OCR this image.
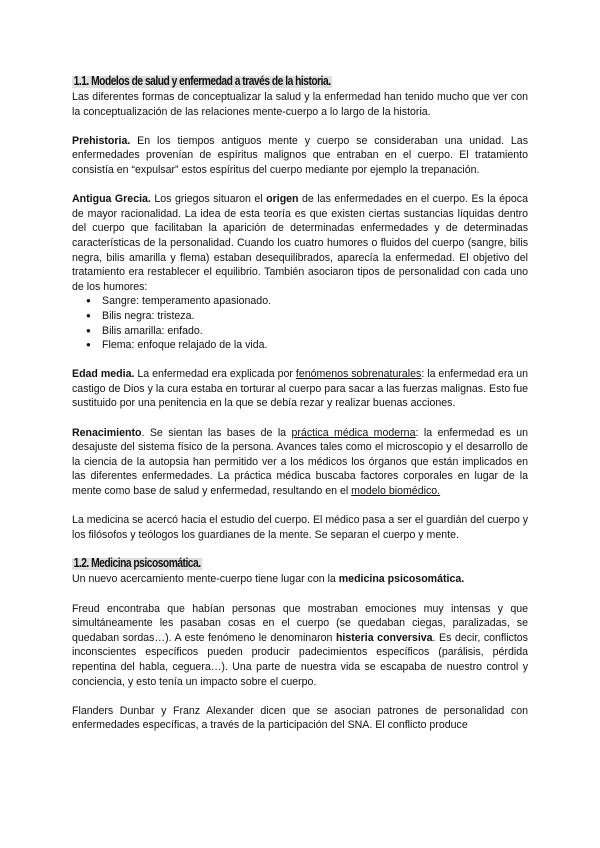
1.1. Modelos de salud y enfermedad a través de la historia.

Las diferentes formas de conceptualizar la salud y la enfermedad han tenido mucho que ver con la conceptualización de las relaciones mente-cuerpo a lo largo de la historia.

Prehistoria. En los tiempos antiguos mente y cuerpo se consideraban una unidad. Las enfermedades provenían de espíritus malignos que entraban en el cuerpo. El tratamiento consistía en “expulsar” estos espíritus del cuerpo mediante por ejemplo la trepanación.

Antigua Grecia. Los griegos situaron el origen de las enfermedades en el cuerpo. Es la época de mayor racionalidad. La idea de esta teoría es que existen ciertas sustancias líquidas dentro del cuerpo que facilitaban la aparición de determinadas enfermedades y de determinadas características de la personalidad. Cuando los cuatro humores o fluidos del cuerpo (sangre, bilis negra, bilis amarilla y flema) estaban desequilibrados, aparecía la enfermedad. El objetivo del tratamiento era restablecer el equilibrio. También asociaron tipos de personalidad con cada uno de los humores:

● Sangre: temperamento apasionado.
● Bilis negra: tristeza.
● Bilis amarilla: enfado.
● Flema: enfoque relajado de la vida.

Edad media. La enfermedad era explicada por fenómenos sobrenaturales: la enfermedad era un castigo de Dios y la cura estaba en torturar al cuerpo para sacar a las fuerzas malignas. Esto fue sustituido por una penitencia en la que se debía rezar y realizar buenas acciones.

Renacimiento. Se sientan las bases de la práctica médica moderna: la enfermedad es un desajuste del sistema físico de la persona. Avances tales como el microscopio y el desarrollo de la ciencia de la autopsia han permitido ver a los médicos los órganos que están implicados en las diferentes enfermedades. La práctica médica buscaba factores corporales en lugar de la mente como base de salud y enfermedad, resultando en el modelo biomédico.

La medicina se acercó hacia el estudio del cuerpo. El médico pasa a ser el guardián del cuerpo y los filósofos y teólogos los guardianes de la mente. Se separan el cuerpo y mente.

1.2. Medicina psicosomática.

Un nuevo acercamiento mente-cuerpo tiene lugar con la medicina psicosomática.

Freud encontraba que habían personas que mostraban emociones muy intensas y que simultáneamente les pasaban cosas en el cuerpo (se quedaban ciegas, paralizadas, se quedaban sordas…). A este fenómeno le denominaron histeria conversiva. Es decir, conflictos inconscientes específicos pueden producir padecimientos específicos (parálisis, pérdida repentina del habla, ceguera…). Una parte de nuestra vida se escapaba de nuestro control y conciencia, y esto tenía un impacto sobre el cuerpo.

Flanders Dunbar y Franz Alexander dicen que se asocian patrones de personalidad con enfermedades específicas, a través de la participación del SNA. El conflicto produce
